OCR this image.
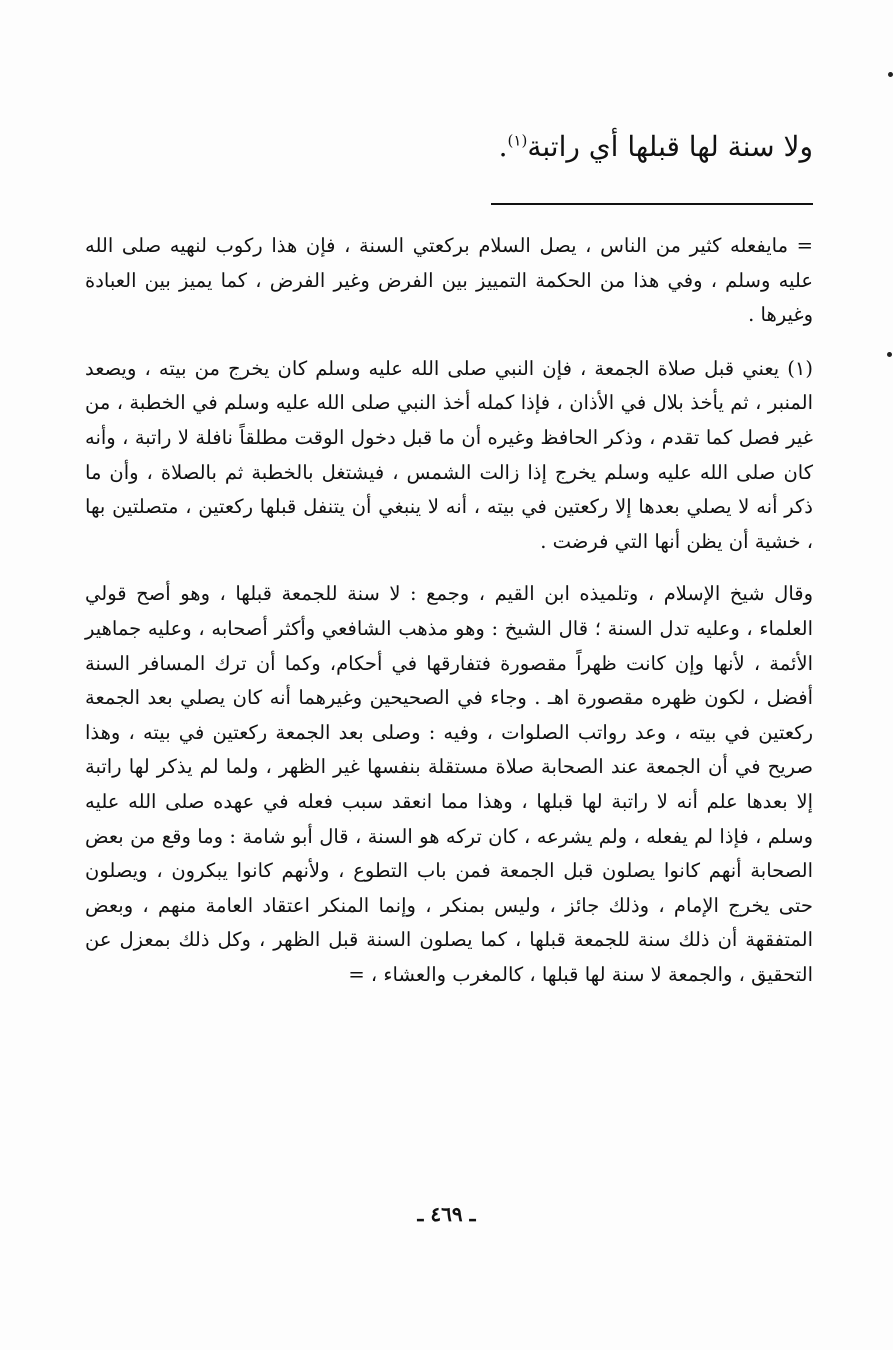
ولا سنة لها قبلها أي راتبة$^{(١)}$.

= مايفعله كثير من الناس ، يصل السلام بركعتي السنة ، فإن هذا ركوب لنهيه صلى الله عليه وسلم ، وفي هذا من الحكمة التمييز بين الفرض وغير الفرض ، كما يميز بين العبادة وغيرها .

(١) يعني قبل صلاة الجمعة ، فإن النبي صلى الله عليه وسلم كان يخرج من بيته ، ويصعد المنبر ، ثم يأخذ بلال في الأذان ، فإذا كمله أخذ النبي صلى الله عليه وسلم في الخطبة ، من غير فصل كما تقدم ، وذكر الحافظ وغيره أن ما قبل دخول الوقت مطلقاً نافلة لا راتبة ، وأنه كان صلى الله عليه وسلم يخرج إذا زالت الشمس ، فيشتغل بالخطبة ثم بالصلاة ، وأن ما ذكر أنه لا يصلي بعدها إلا ركعتين في بيته ، أنه لا ينبغي أن يتنفل قبلها ركعتين ، متصلتين بها ، خشية أن يظن أنها التي فرضت .

وقال شيخ الإسلام ، وتلميذه ابن القيم ، وجمع : لا سنة للجمعة قبلها ، وهو أصح قولي العلماء ، وعليه تدل السنة ؛ قال الشيخ : وهو مذهب الشافعي وأكثر أصحابه ، وعليه جماهير الأئمة ، لأنها وإن كانت ظهراً مقصورة فتفارقها في أحكام، وكما أن ترك المسافر السنة أفضل ، لكون ظهره مقصورة اهـ . وجاء في الصحيحين وغيرهما أنه كان يصلي بعد الجمعة ركعتين في بيته ، وعد رواتب الصلوات ، وفيه : وصلى بعد الجمعة ركعتين في بيته ، وهذا صريح في أن الجمعة عند الصحابة صلاة مستقلة بنفسها غير الظهر ، ولما لم يذكر لها راتبة إلا بعدها علم أنه لا راتبة لها قبلها ، وهذا مما انعقد سبب فعله في عهده صلى الله عليه وسلم ، فإذا لم يفعله ، ولم يشرعه ، كان تركه هو السنة ، قال أبو شامة : وما وقع من بعض الصحابة أنهم كانوا يصلون قبل الجمعة فمن باب التطوع ، ولأنهم كانوا يبكرون ، ويصلون حتى يخرج الإمام ، وذلك جائز ، وليس بمنكر ، وإنما المنكر اعتقاد العامة منهم ، وبعض المتفقهة أن ذلك سنة للجمعة قبلها ، كما يصلون السنة قبل الظهر ، وكل ذلك بمعزل عن التحقيق ، والجمعة لا سنة لها قبلها ، كالمغرب والعشاء ، =

ـ ٤٦٩ ـ
